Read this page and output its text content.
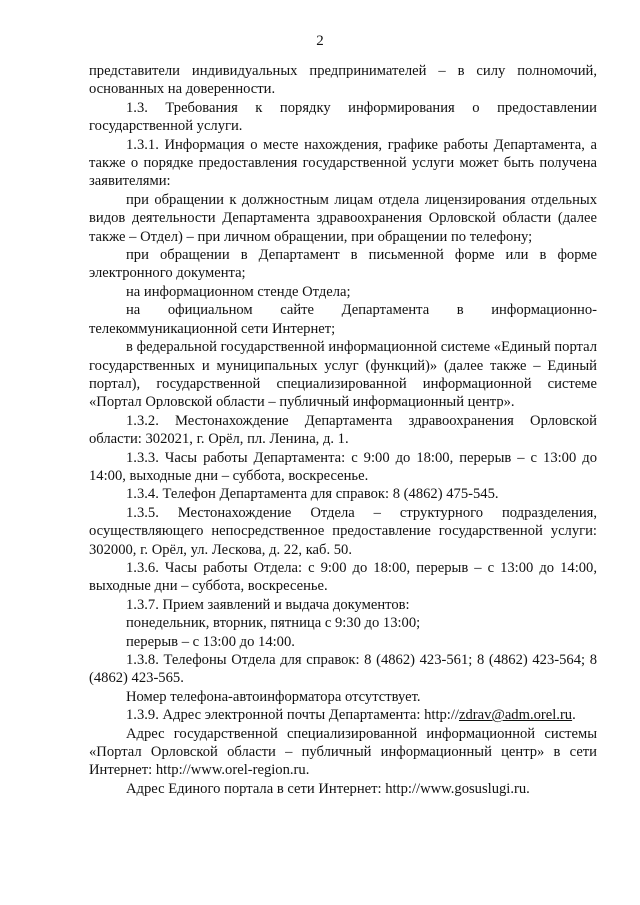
2

представители индивидуальных предпринимателей – в силу полномочий, основанных на доверенности.

1.3. Требования к порядку информирования о предоставлении государственной услуги.

1.3.1. Информация о месте нахождения, графике работы Департамента, а также о порядке предоставления государственной услуги может быть получена заявителями:

при обращении к должностным лицам отдела лицензирования отдельных видов деятельности Департамента здравоохранения Орловской области (далее также – Отдел) – при личном обращении, при обращении по телефону;

при обращении в Департамент в письменной форме или в форме электронного документа;

на информационном стенде Отдела;

на официальном сайте Департамента в информационно-телекоммуникационной сети Интернет;

в федеральной государственной информационной системе «Единый портал государственных и муниципальных услуг (функций)» (далее также – Единый портал), государственной специализированной информационной системе «Портал Орловской области – публичный информационный центр».

1.3.2. Местонахождение Департамента здравоохранения Орловской области: 302021, г. Орёл, пл. Ленина, д. 1.

1.3.3. Часы работы Департамента: с 9:00 до 18:00, перерыв – с 13:00 до 14:00, выходные дни – суббота, воскресенье.

1.3.4. Телефон Департамента для справок: 8 (4862) 475-545.

1.3.5. Местонахождение Отдела – структурного подразделения, осуществляющего непосредственное предоставление государственной услуги: 302000, г. Орёл, ул. Лескова, д. 22, каб. 50.

1.3.6. Часы работы Отдела: с 9:00 до 18:00, перерыв – с 13:00 до 14:00, выходные дни – суббота, воскресенье.

1.3.7. Прием заявлений и выдача документов:

понедельник, вторник, пятница с 9:30 до 13:00;

перерыв – с 13:00 до 14:00.

1.3.8. Телефоны Отдела для справок: 8 (4862) 423-561; 8 (4862) 423-564; 8 (4862) 423-565.

Номер телефона-автоинформатора отсутствует.

1.3.9. Адрес электронной почты Департамента: http://zdrav@adm.orel.ru.

Адрес государственной специализированной информационной системы «Портал Орловской области – публичный информационный центр» в сети Интернет: http://www.orel-region.ru.

Адрес Единого портала в сети Интернет: http://www.gosuslugi.ru.
